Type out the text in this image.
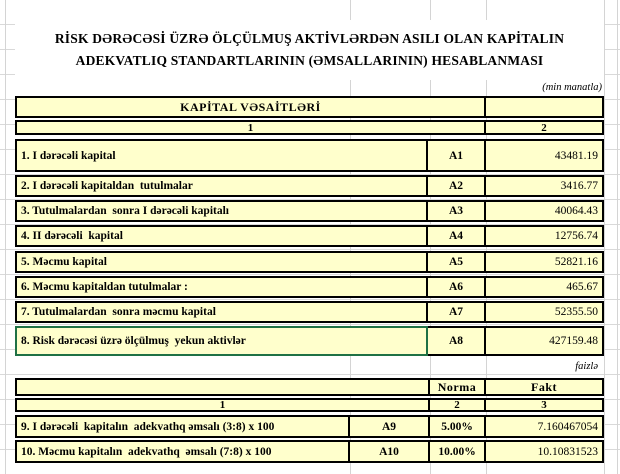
RİSK DƏRƏCƏSİ ÜZRƏ ÖLÇÜLMUŞ AKTİVLƏRDƏN ASILI OLAN KAPİTALIN
ADEKVATLIQ STANDARTLARININ (ƏMSALLARININ) HESABLANMASI
(min manatla)
KAPİTAL VƏSAİTLƏRİ
1	2
1. I dərəcəli kapital	A1	43481.19
2. I dərəcəli kapitaldan  tutulmalar	A2	3416.77
3. Tutulmalardan  sonra I dərəcəli kapitalı	A3	40064.43
4. II dərəcəli  kapital	A4	12756.74
5. Məcmu kapital	A5	52821.16
6. Məcmu kapitaldan tutulmalar :	A6	465.67
7. Tutulmalardan  sonra məcmu kapital	A7	52355.50
8. Risk dərəcəsi üzrə ölçülmuş  yekun aktivlər	A8	427159.48
faizlə
Norma	Fakt
1	2	3
9. I dərəcəli  kapitalın  adekvathq əmsalı (3:8) x 100	A9	5.00%	7.160467054
10. Məcmu kapitalın  adekvathq  əmsalı (7:8) x 100	A10	10.00%	10.10831523
